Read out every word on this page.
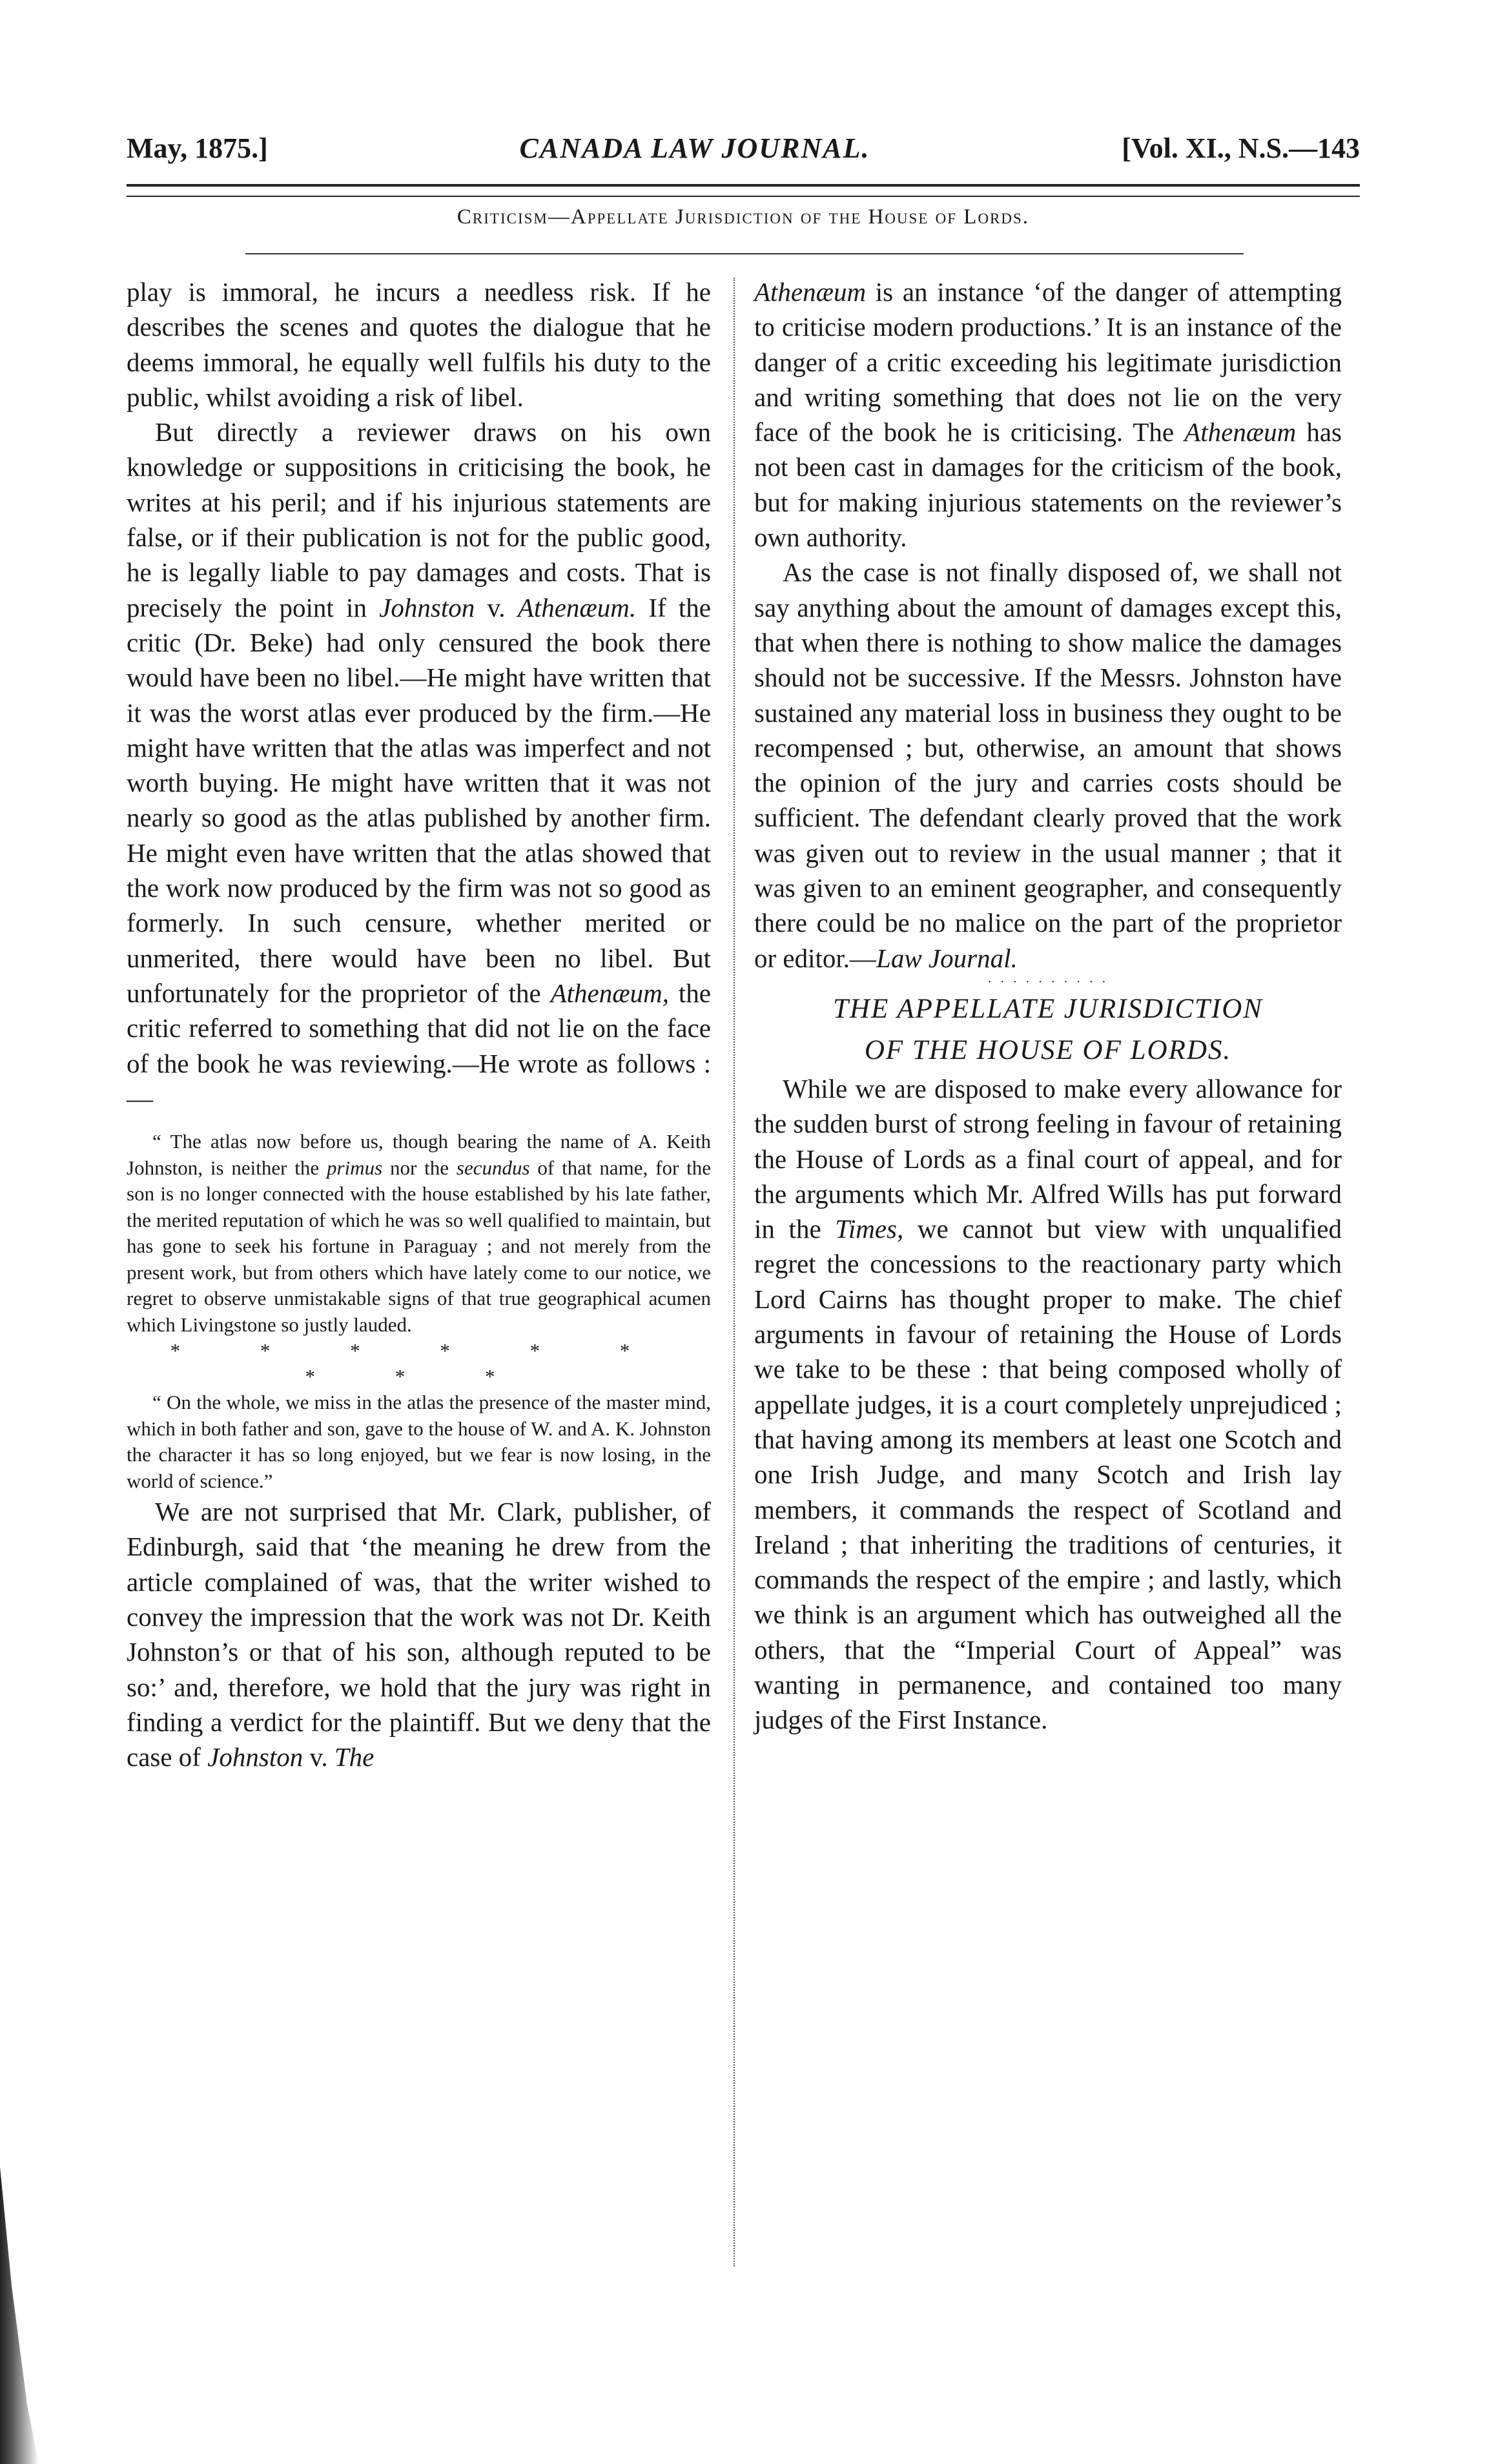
May, 1875.]	CANADA LAW JOURNAL.	[Vol. XI., N.S.—143
Criticism—Appellate Jurisdiction of the House of Lords.

play is immoral, he incurs a needless risk. If he describes the scenes and quotes the dialogue that he deems immoral, he equally well fulfils his duty to the public, whilst avoiding a risk of libel.

But directly a reviewer draws on his own knowledge or suppositions in criticising the book, he writes at his peril; and if his injurious statements are false, or if their publication is not for the public good, he is legally liable to pay damages and costs. That is precisely the point in Johnston v. Athenæum. If the critic (Dr. Beke) had only censured the book there would have been no libel.—He might have written that it was the worst atlas ever produced by the firm.—He might have written that the atlas was imperfect and not worth buying. He might have written that it was not nearly so good as the atlas published by another firm. He might even have written that the atlas showed that the work now produced by the firm was not so good as formerly. In such censure, whether merited or unmerited, there would have been no libel. But unfortunately for the proprietor of the Athenæum, the critic referred to something that did not lie on the face of the book he was reviewing.—He wrote as follows :—

“ The atlas now before us, though bearing the name of A. Keith Johnston, is neither the primus nor the secundus of that name, for the son is no longer connected with the house established by his late father, the merited reputation of which he was so well qualified to maintain, but has gone to seek his fortune in Paraguay ; and not merely from the present work, but from others which have lately come to our notice, we regret to observe unmistakable signs of that true geographical acumen which Livingstone so justly lauded.

* * * * * * * * *

“ On the whole, we miss in the atlas the presence of the master mind, which in both father and son, gave to the house of W. and A. K. Johnston the character it has so long enjoyed, but we fear is now losing, in the world of science.”

We are not surprised that Mr. Clark, publisher, of Edinburgh, said that ‘the meaning he drew from the article complained of was, that the writer wished to convey the impression that the work was not Dr. Keith Johnston’s or that of his son, although reputed to be so:’ and, therefore, we hold that the jury was right in finding a verdict for the plaintiff. But we deny that the case of Johnston v. The

Athenæum is an instance ‘of the danger of attempting to criticise modern productions.’ It is an instance of the danger of a critic exceeding his legitimate jurisdiction and writing something that does not lie on the very face of the book he is criticising. The Athenæum has not been cast in damages for the criticism of the book, but for making injurious statements on the reviewer’s own authority.

As the case is not finally disposed of, we shall not say anything about the amount of damages except this, that when there is nothing to show malice the damages should not be successive. If the Messrs. Johnston have sustained any material loss in business they ought to be recompensed ; but, otherwise, an amount that shows the opinion of the jury and carries costs should be sufficient. The defendant clearly proved that the work was given out to review in the usual manner ; that it was given to an eminent geographer, and consequently there could be no malice on the part of the proprietor or editor.—Law Journal.

· · · · · · · · · ·

THE APPELLATE JURISDICTION

OF THE HOUSE OF LORDS.

While we are disposed to make every allowance for the sudden burst of strong feeling in favour of retaining the House of Lords as a final court of appeal, and for the arguments which Mr. Alfred Wills has put forward in the Times, we cannot but view with unqualified regret the concessions to the reactionary party which Lord Cairns has thought proper to make. The chief arguments in favour of retaining the House of Lords we take to be these : that being composed wholly of appellate judges, it is a court completely unprejudiced ; that having among its members at least one Scotch and one Irish Judge, and many Scotch and Irish lay members, it commands the respect of Scotland and Ireland ; that inheriting the traditions of centuries, it commands the respect of the empire ; and lastly, which we think is an argument which has outweighed all the others, that the “Imperial Court of Appeal” was wanting in permanence, and contained too many judges of the First Instance.
